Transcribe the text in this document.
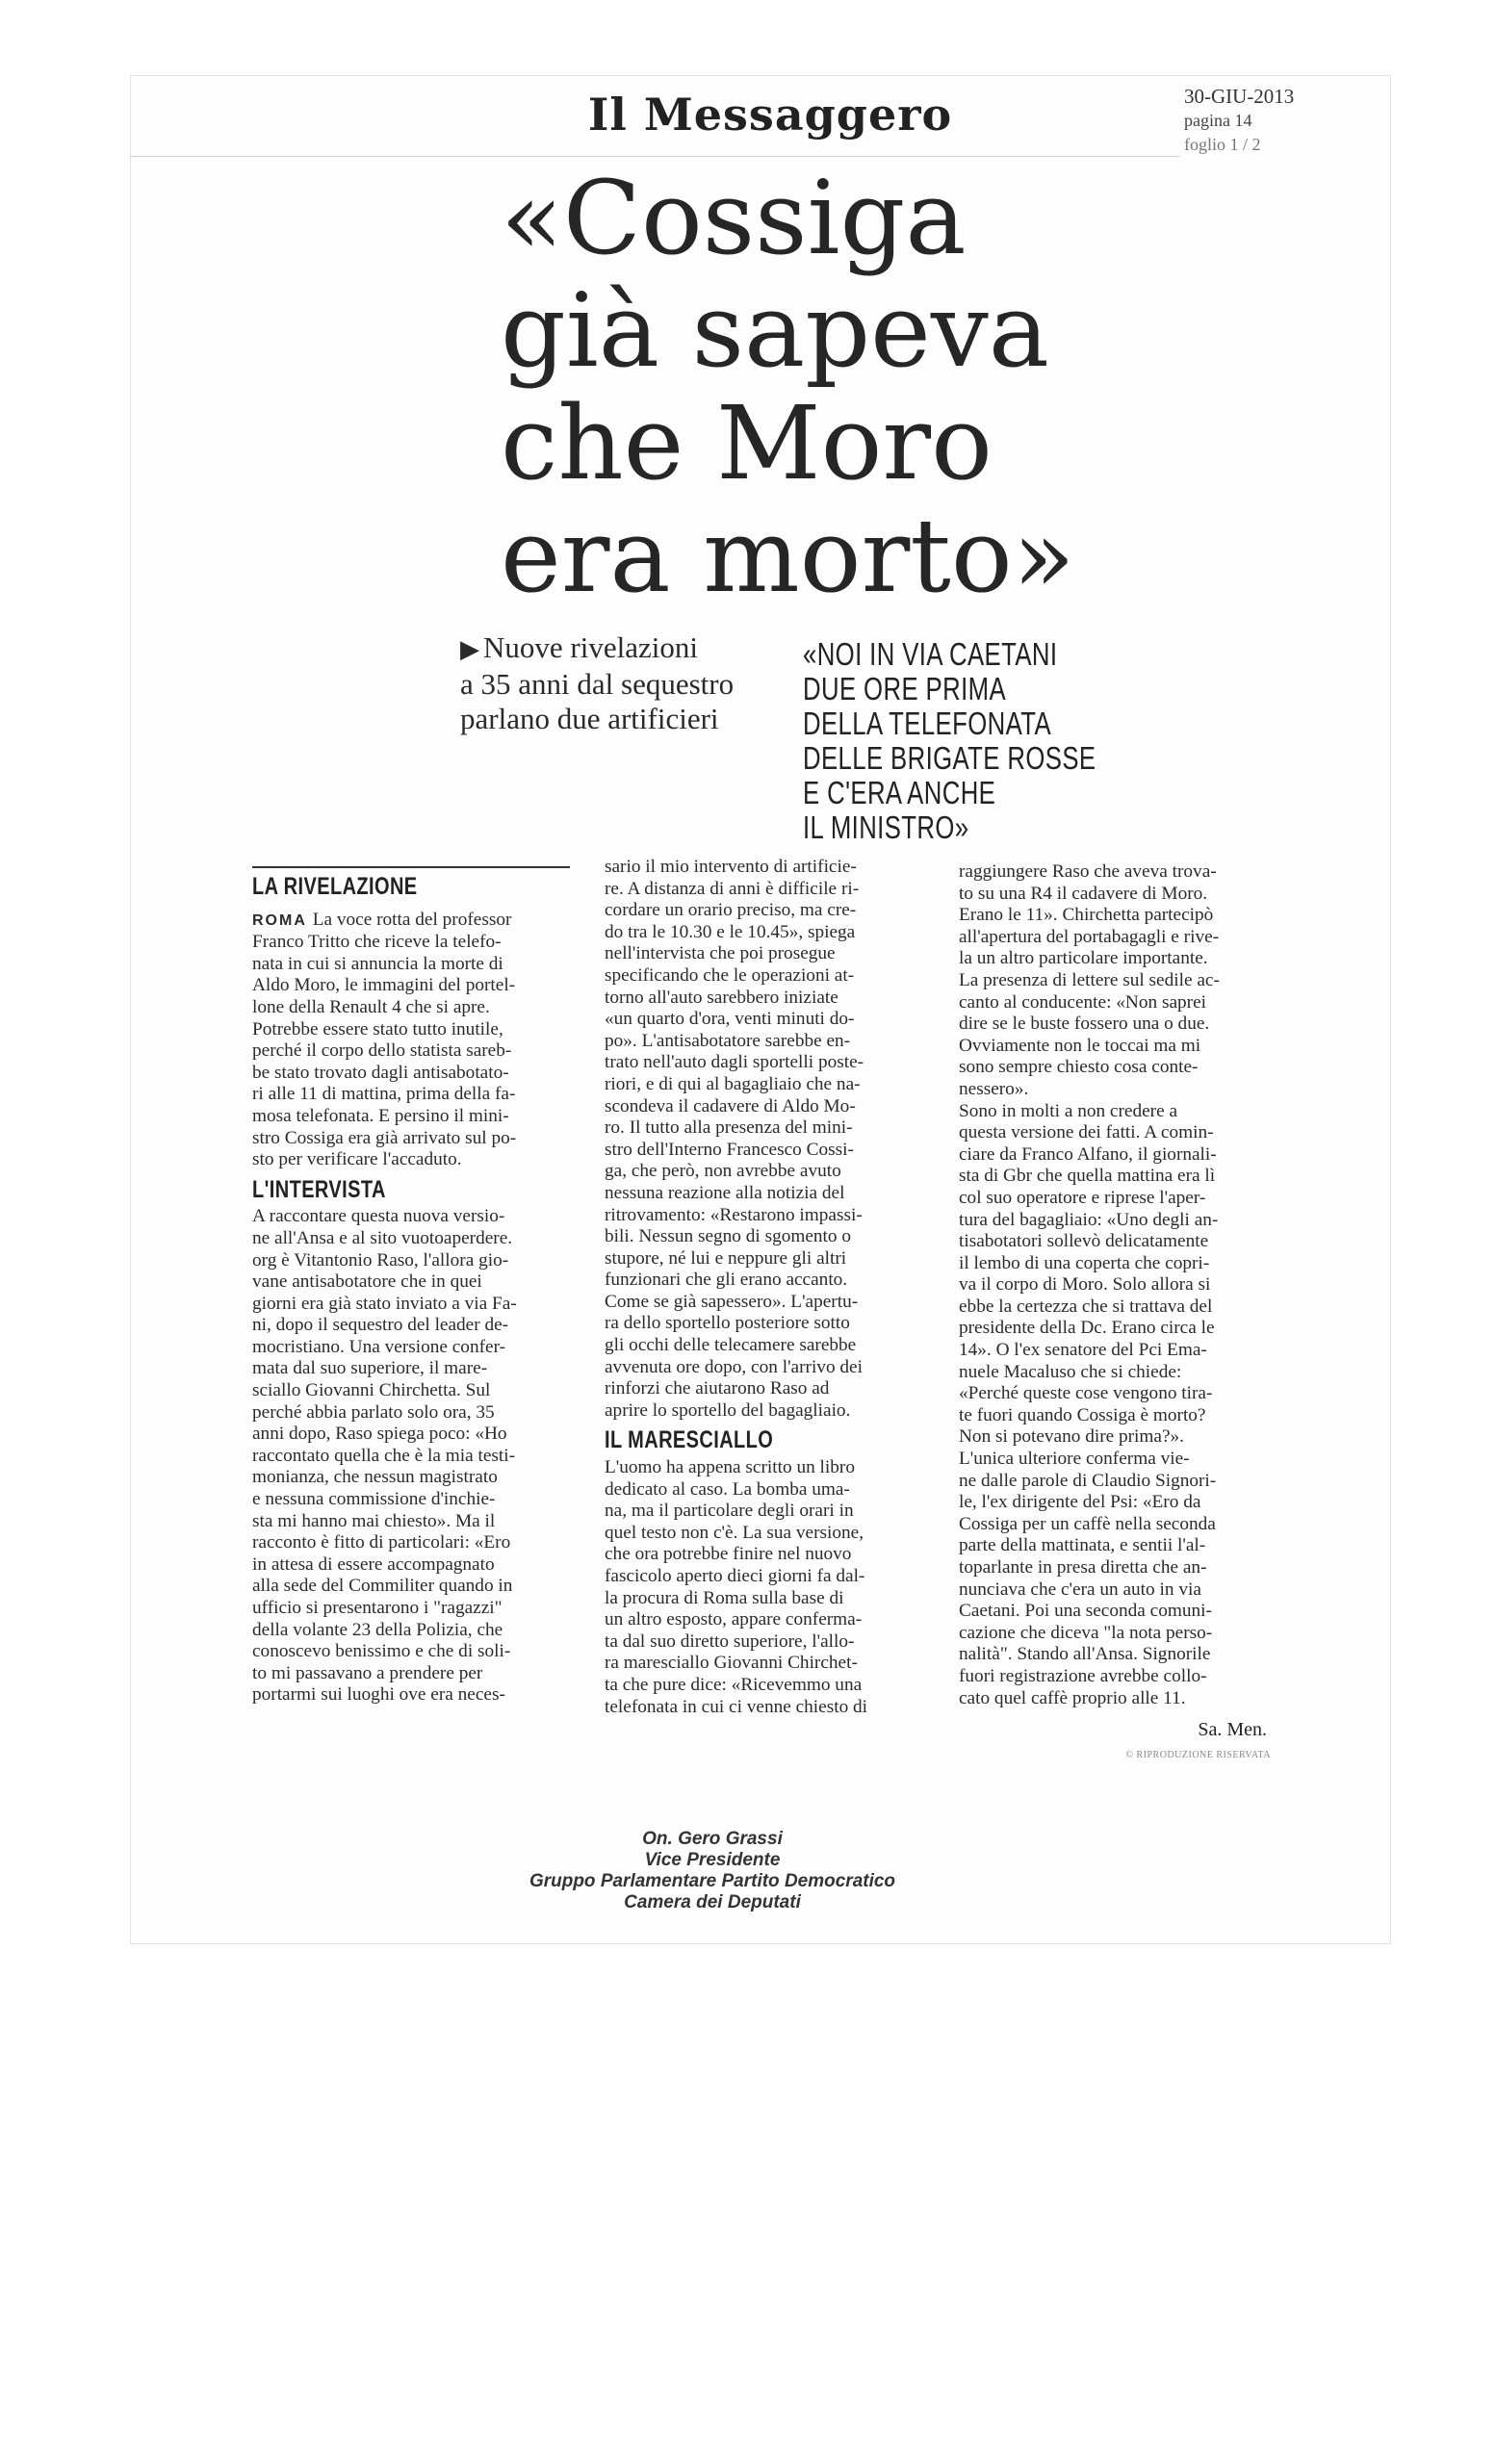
Il Messaggero	30-GIU-2013
pagina 14
foglio 1 / 2
«Cossiga
già sapeva
che Moro
era morto»
▶ Nuove rivelazioni
a 35 anni dal sequestro
parlano due artificieri
«NOI IN VIA CAETANI
DUE ORE PRIMA
DELLA TELEFONATA
DELLE BRIGATE ROSSE
E C'ERA ANCHE
IL MINISTRO»
LA RIVELAZIONE
ROMA La voce rotta del professor
Franco Tritto che riceve la telefo-
nata in cui si annuncia la morte di
Aldo Moro, le immagini del portel-
lone della Renault 4 che si apre.
Potrebbe essere stato tutto inutile,
perché il corpo dello statista sareb-
be stato trovato dagli antisabotato-
ri alle 11 di mattina, prima della fa-
mosa telefonata. E persino il mini-
stro Cossiga era già arrivato sul po-
sto per verificare l'accaduto.
L'INTERVISTA
A raccontare questa nuova versio-
ne all'Ansa e al sito vuotoaperdere.
org è Vitantonio Raso, l'allora gio-
vane antisabotatore che in quei
giorni era già stato inviato a via Fa-
ni, dopo il sequestro del leader de-
mocristiano. Una versione confer-
mata dal suo superiore, il mare-
sciallo Giovanni Chirchetta. Sul
perché abbia parlato solo ora, 35
anni dopo, Raso spiega poco: «Ho
raccontato quella che è la mia testi-
monianza, che nessun magistrato
e nessuna commissione d'inchie-
sta mi hanno mai chiesto». Ma il
racconto è fitto di particolari: «Ero
in attesa di essere accompagnato
alla sede del Commiliter quando in
ufficio si presentarono i "ragazzi"
della volante 23 della Polizia, che
conoscevo benissimo e che di soli-
to mi passavano a prendere per
portarmi sui luoghi ove era neces-
sario il mio intervento di artificie-
re. A distanza di anni è difficile ri-
cordare un orario preciso, ma cre-
do tra le 10.30 e le 10.45», spiega
nell'intervista che poi prosegue
specificando che le operazioni at-
torno all'auto sarebbero iniziate
«un quarto d'ora, venti minuti do-
po». L'antisabotatore sarebbe en-
trato nell'auto dagli sportelli poste-
riori, e di qui al bagagliaio che na-
scondeva il cadavere di Aldo Mo-
ro. Il tutto alla presenza del mini-
stro dell'Interno Francesco Cossi-
ga, che però, non avrebbe avuto
nessuna reazione alla notizia del
ritrovamento: «Restarono impassi-
bili. Nessun segno di sgomento o
stupore, né lui e neppure gli altri
funzionari che gli erano accanto.
Come se già sapessero». L'apertu-
ra dello sportello posteriore sotto
gli occhi delle telecamere sarebbe
avvenuta ore dopo, con l'arrivo dei
rinforzi che aiutarono Raso ad
aprire lo sportello del bagagliaio.
IL MARESCIALLO
L'uomo ha appena scritto un libro
dedicato al caso. La bomba uma-
na, ma il particolare degli orari in
quel testo non c'è. La sua versione,
che ora potrebbe finire nel nuovo
fascicolo aperto dieci giorni fa dal-
la procura di Roma sulla base di
un altro esposto, appare conferma-
ta dal suo diretto superiore, l'allo-
ra maresciallo Giovanni Chirchet-
ta che pure dice: «Ricevemmo una
telefonata in cui ci venne chiesto di
raggiungere Raso che aveva trova-
to su una R4 il cadavere di Moro.
Erano le 11». Chirchetta partecipò
all'apertura del portabagagli e rive-
la un altro particolare importante.
La presenza di lettere sul sedile ac-
canto al conducente: «Non saprei
dire se le buste fossero una o due.
Ovviamente non le toccai ma mi
sono sempre chiesto cosa conte-
nessero».
Sono in molti a non credere a
questa versione dei fatti. A comin-
ciare da Franco Alfano, il giornali-
sta di Gbr che quella mattina era lì
col suo operatore e riprese l'aper-
tura del bagagliaio: «Uno degli an-
tisabotatori sollevò delicatamente
il lembo di una coperta che copri-
va il corpo di Moro. Solo allora si
ebbe la certezza che si trattava del
presidente della Dc. Erano circa le
14». O l'ex senatore del Pci Ema-
nuele Macaluso che si chiede:
«Perché queste cose vengono tira-
te fuori quando Cossiga è morto?
Non si potevano dire prima?».
L'unica ulteriore conferma vie-
ne dalle parole di Claudio Signori-
le, l'ex dirigente del Psi: «Ero da
Cossiga per un caffè nella seconda
parte della mattinata, e sentii l'al-
toparlante in presa diretta che an-
nunciava che c'era un auto in via
Caetani. Poi una seconda comuni-
cazione che diceva "la nota perso-
nalità". Stando all'Ansa. Signorile
fuori registrazione avrebbe collo-
cato quel caffè proprio alle 11.
Sa. Men.
© RIPRODUZIONE RISERVATA
On. Gero Grassi
Vice Presidente
Gruppo Parlamentare Partito Democratico
Camera dei Deputati
